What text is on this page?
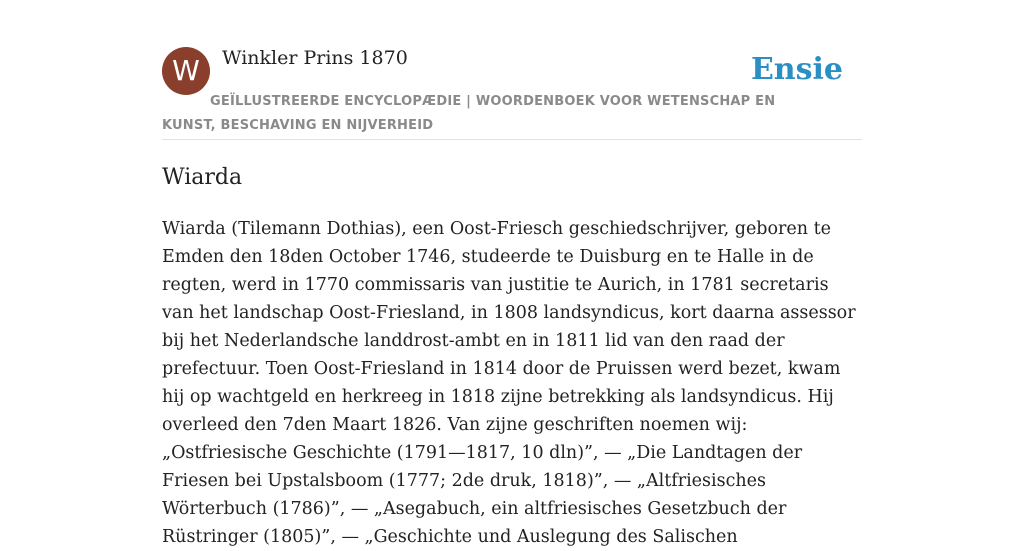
W	Winkler Prins 1870	Ensie
GEÏLLUSTREERDE ENCYCLOPÆDIE | WOORDENBOEK VOOR WETENSCHAP EN KUNST, BESCHAVING EN NIJVERHEID
Wiarda

Wiarda (Tilemann Dothias), een Oost-Friesch geschiedschrijver, geboren te Emden den 18den October 1746, studeerde te Duisburg en te Halle in de regten, werd in 1770 commissaris van justitie te Aurich, in 1781 secretaris van het landschap Oost-Friesland, in 1808 landsyndicus, kort daarna assessor bij het Nederlandsche landdrost-ambt en in 1811 lid van den raad der prefectuur. Toen Oost-Friesland in 1814 door de Pruissen werd bezet, kwam hij op wachtgeld en herkreeg in 1818 zijne betrekking als landsyndicus. Hij overleed den 7den Maart 1826. Van zijne geschriften noemen wij: „Ostfriesische Geschichte (1791—1817, 10 dln)”, — „Die Landtagen der Friesen bei Upstalsboom (1777; 2de druk, 1818)”, — „Altfriesisches Wörterbuch (1786)”, — „Asegabuch, ein altfriesisches Gesetzbuch der Rüstringer (1805)”, — „Geschichte und Auslegung des Salischen
